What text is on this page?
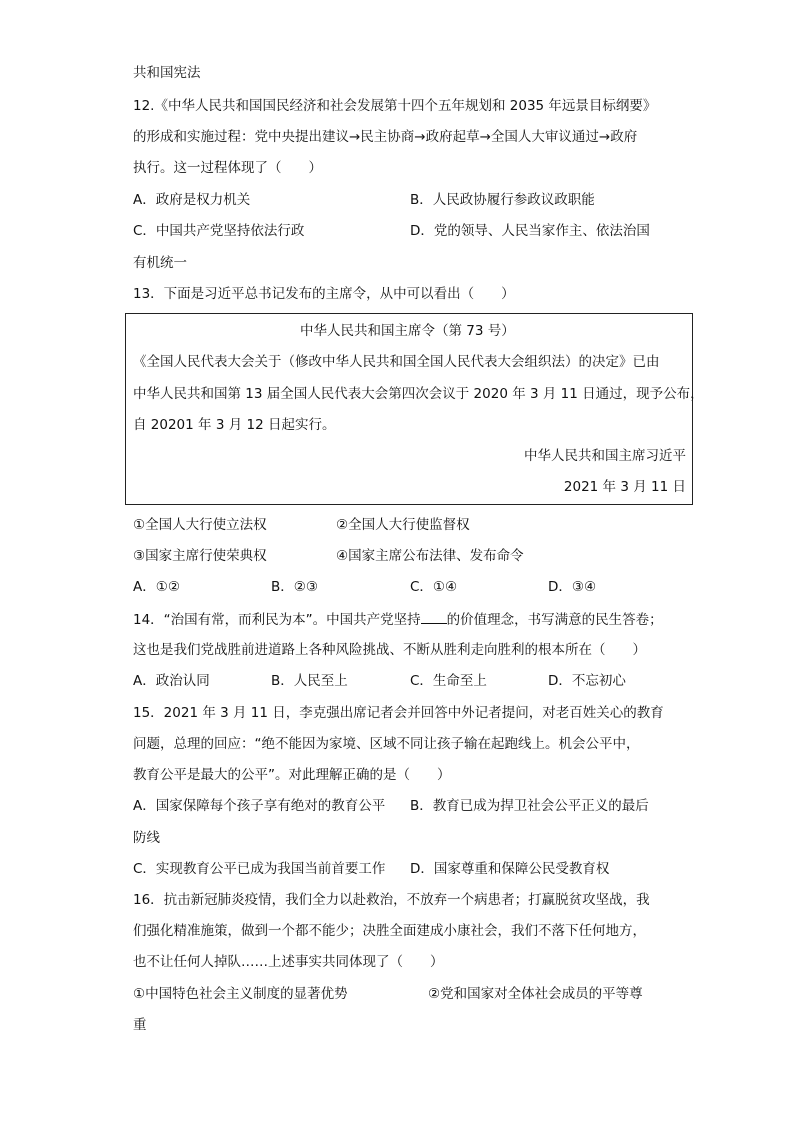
共和国宪法
12.《中华人民共和国国民经济和社会发展第十四个五年规划和 2035 年远景目标纲要》
的形成和实施过程：党中央提出建议→民主协商→政府起草→全国人大审议通过→政府
执行。这一过程体现了（　　）
A．政府是权力机关	B．人民政协履行参政议政职能
C．中国共产党坚持依法行政	D．党的领导、人民当家作主、依法治国
有机统一
13．下面是习近平总书记发布的主席令，从中可以看出（　　）
中华人民共和国主席令（第 73 号）
《全国人民代表大会关于（修改中华人民共和国全国人民代表大会组织法）的决定》已由
中华人民共和国第 13 届全国人民代表大会第四次会议于 2020 年 3 月 11 日通过，现予公布，
自 20201 年 3 月 12 日起实行。
中华人民共和国主席习近平
2021 年 3 月 11 日
①全国人大行使立法权	②全国人大行使监督权
③国家主席行使荣典权	④国家主席公布法律、发布命令
A．①②	B．②③	C．①④	D．③④
14．“治国有常，而利民为本”。中国共产党坚持 的价值理念，书写满意的民生答卷；
这也是我们党战胜前进道路上各种风险挑战、不断从胜利走向胜利的根本所在（　　）
A．政治认同	B．人民至上	C．生命至上	D．不忘初心
15．2021 年 3 月 11 日，李克强出席记者会并回答中外记者提问，对老百姓关心的教育
问题，总理的回应：“绝不能因为家境、区域不同让孩子输在起跑线上。机会公平中，
教育公平是最大的公平”。对此理解正确的是（　　）
A．国家保障每个孩子享有绝对的教育公平 B．教育已成为捍卫社会公平正义的最后
防线
C．实现教育公平已成为我国当前首要工作 D．国家尊重和保障公民受教育权
16．抗击新冠肺炎疫情，我们全力以赴救治，不放弃一个病患者；打赢脱贫攻坚战，我
们强化精准施策，做到一个都不能少；决胜全面建成小康社会，我们不落下任何地方，
也不让任何人掉队……上述事实共同体现了（　　）
①中国特色社会主义制度的显著优势	②党和国家对全体社会成员的平等尊
重
